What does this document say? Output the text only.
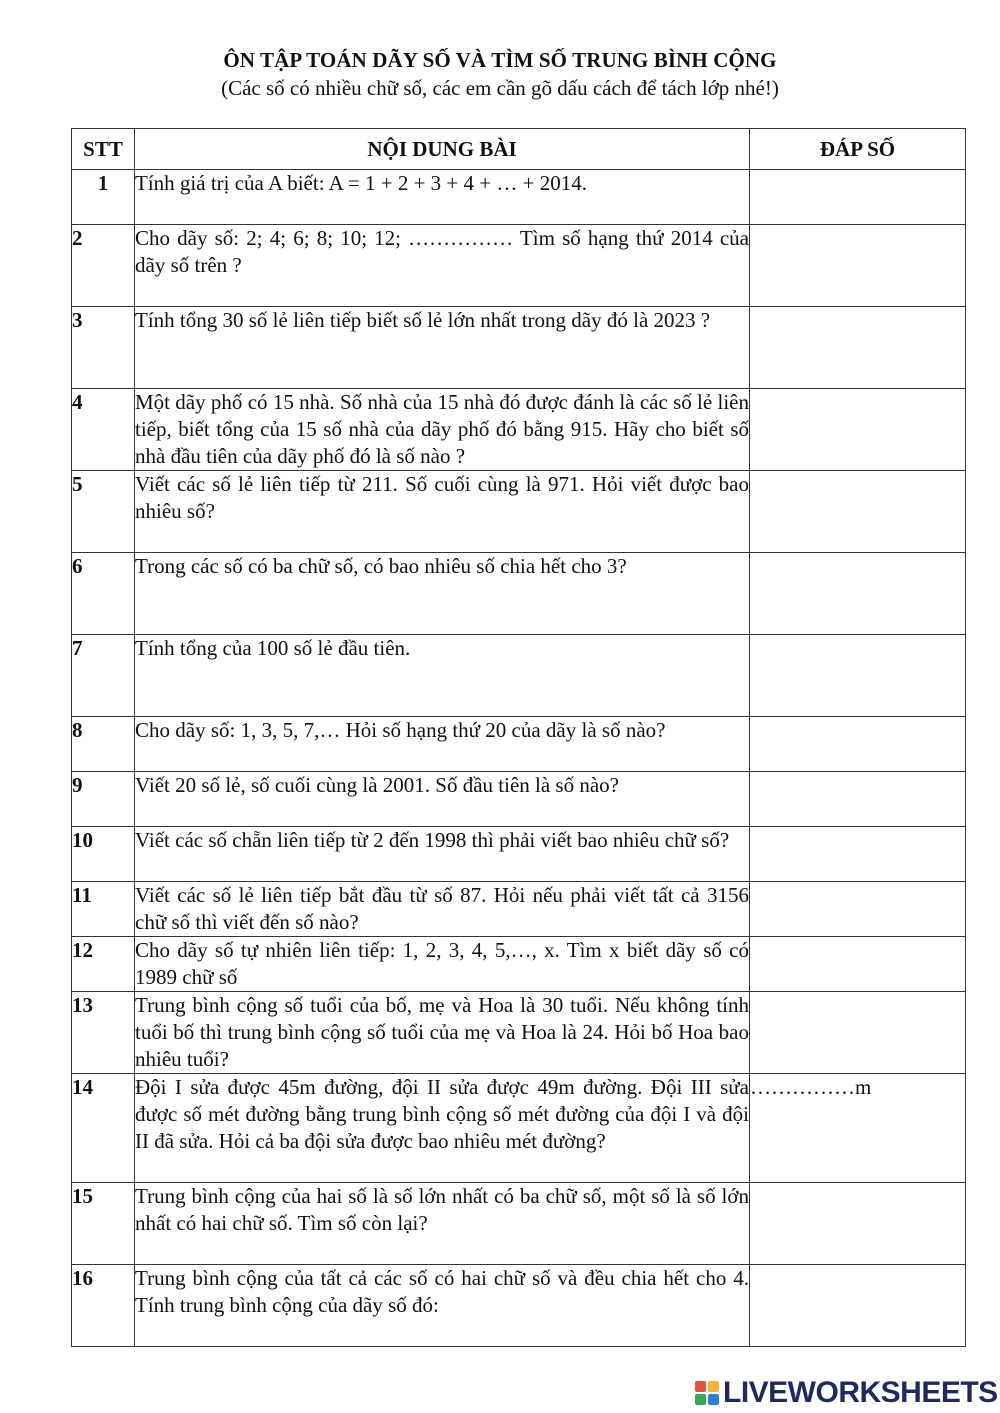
ÔN TẬP TOÁN DÃY SỐ VÀ TÌM SỐ TRUNG BÌNH CỘNG
(Các số có nhiều chữ số, các em cần gõ dấu cách để tách lớp nhé!)
STT	NỘI DUNG BÀI	ĐÁP SỐ
1	Tính giá trị của A biết: A = 1 + 2 + 3 + 4 + … + 2014.	
2	Cho dãy số: 2; 4; 6; 8; 10; 12; …………… Tìm số hạng thứ 2014 của dãy số trên ?	
3	Tính tổng 30 số lẻ liên tiếp biết số lẻ lớn nhất trong dãy đó là 2023 ?	
4	Một dãy phố có 15 nhà. Số nhà của 15 nhà đó được đánh là các số lẻ liên tiếp, biết tổng của 15 số nhà của dãy phố đó bằng 915. Hãy cho biết số nhà đầu tiên của dãy phố đó là số nào ?	
5	Viết các số lẻ liên tiếp từ 211. Số cuối cùng là 971. Hỏi viết được bao nhiêu số?	
6	Trong các số có ba chữ số, có bao nhiêu số chia hết cho 3?	
7	Tính tổng của 100 số lẻ đầu tiên.	
8	Cho dãy số: 1, 3, 5, 7,… Hỏi số hạng thứ 20 của dãy là số nào?	
9	Viết 20 số lẻ, số cuối cùng là 2001. Số đầu tiên là số nào?	
10	Viết các số chẵn liên tiếp từ 2 đến 1998 thì phải viết bao nhiêu chữ số?	
11	Viết các số lẻ liên tiếp bắt đầu từ số 87. Hỏi nếu phải viết tất cả 3156 chữ số thì viết đến số nào?	
12	Cho dãy số tự nhiên liên tiếp: 1, 2, 3, 4, 5,…, x. Tìm x biết dãy số có 1989 chữ số	
13	Trung bình cộng số tuổi của bố, mẹ và Hoa là 30 tuổi. Nếu không tính tuổi bố thì trung bình cộng số tuổi của mẹ và Hoa là 24. Hỏi bố Hoa bao nhiêu tuổi?	
14	Đội I sửa được 45m đường, đội II sửa được 49m đường. Đội III sửa được số mét đường bằng trung bình cộng số mét đường của đội I và đội II đã sửa. Hỏi cả ba đội sửa được bao nhiêu mét đường?	……………m
15	Trung bình cộng của hai số là số lớn nhất có ba chữ số, một số là số lớn nhất có hai chữ số. Tìm số còn lại?	
16	Trung bình cộng của tất cả các số có hai chữ số và đều chia hết cho 4. Tính trung bình cộng của dãy số đó:	
LIVEWORKSHEETS
